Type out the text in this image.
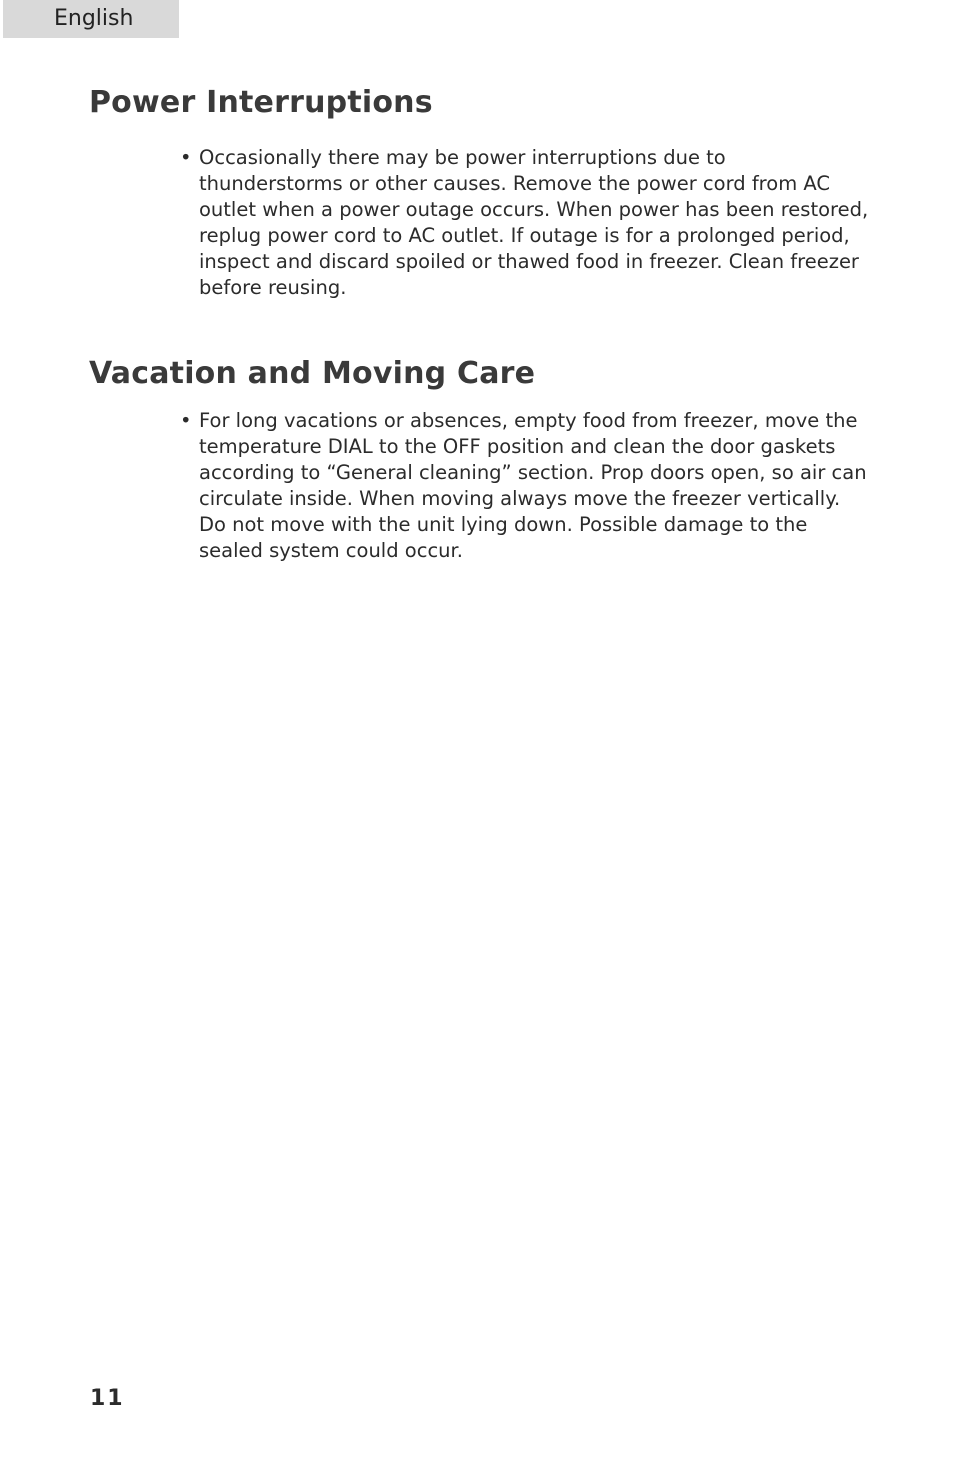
English
Power Interruptions
• Occasionally there may be power interruptions due to thunderstorms or other causes. Remove the power cord from AC outlet when a power outage occurs. When power has been restored, replug power cord to AC outlet. If outage is for a prolonged period, inspect and discard spoiled or thawed food in freezer. Clean freezer before reusing.
Vacation and Moving Care
• For long vacations or absences, empty food from freezer, move the temperature DIAL to the OFF position and clean the door gaskets according to “General cleaning” section. Prop doors open, so air can circulate inside. When moving always move the freezer vertically. Do not move with the unit lying down. Possible damage to the sealed system could occur.
11
